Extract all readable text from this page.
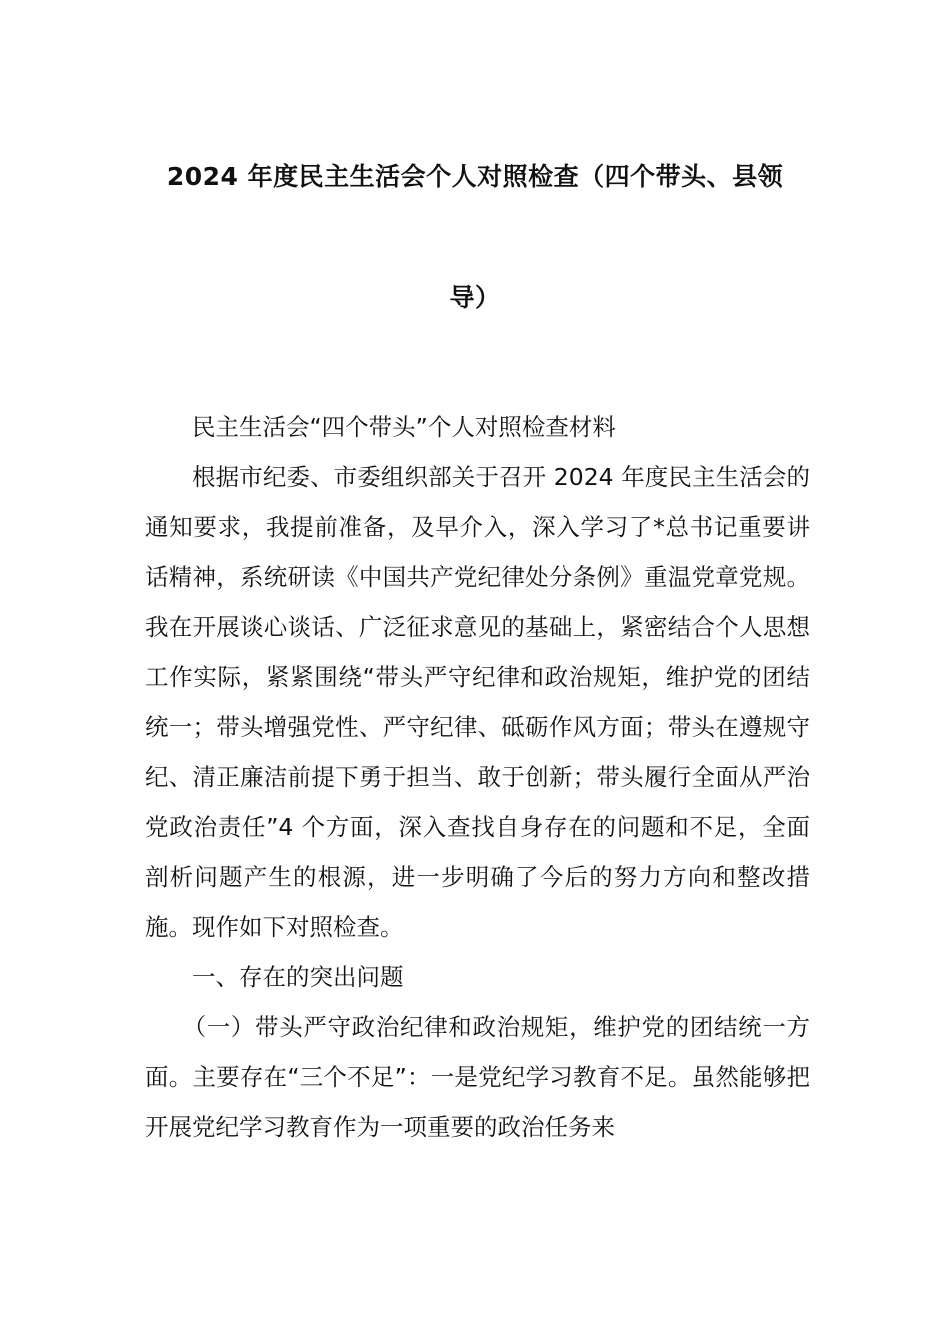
2024 年度民主生活会个人对照检查（四个带头、县领
导）

民主生活会“四个带头”个人对照检查材料

根据市纪委、市委组织部关于召开 2024 年度民主生活会的通知要求，我提前准备，及早介入，深入学习了*总书记重要讲话精神，系统研读《中国共产党纪律处分条例》重温党章党规。我在开展谈心谈话、广泛征求意见的基础上，紧密结合个人思想工作实际，紧紧围绕“带头严守纪律和政治规矩，维护党的团结统一；带头增强党性、严守纪律、砥砺作风方面；带头在遵规守纪、清正廉洁前提下勇于担当、敢于创新；带头履行全面从严治党政治责任”4 个方面，深入查找自身存在的问题和不足，全面剖析问题产生的根源，进一步明确了今后的努力方向和整改措施。现作如下对照检查。

一、存在的突出问题

（一）带头严守政治纪律和政治规矩，维护党的团结统一方面。主要存在“三个不足”：一是党纪学习教育不足。虽然能够把开展党纪学习教育作为一项重要的政治任务来
